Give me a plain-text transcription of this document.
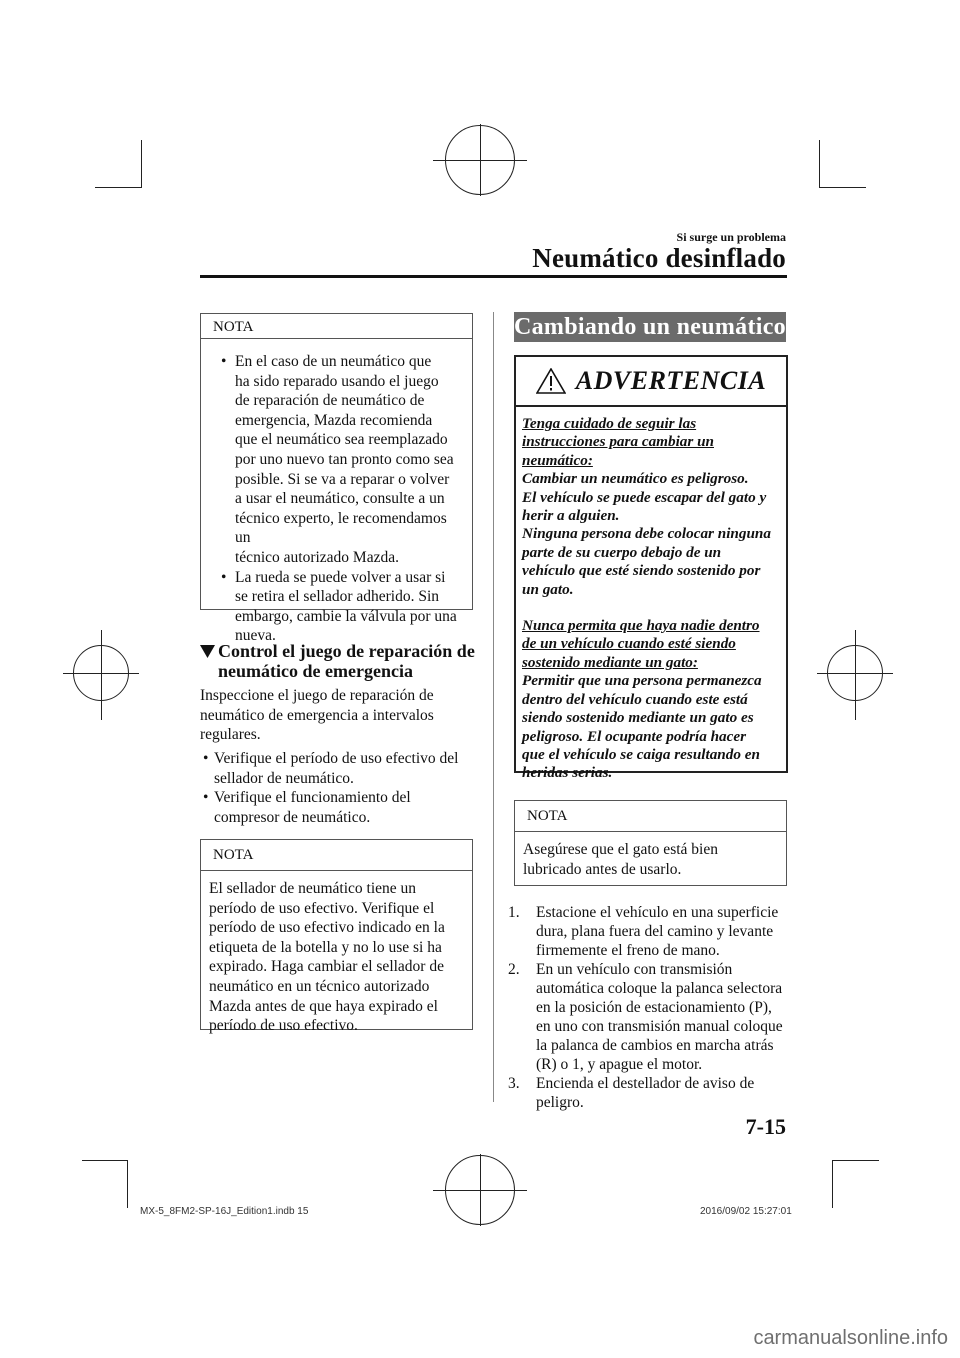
Si surge un problema
Neumático desinflado
NOTA
• En el caso de un neumático que
ha sido reparado usando el juego
de reparación de neumático de
emergencia, Mazda recomienda
que el neumático sea reemplazado
por uno nuevo tan pronto como sea
posible. Si se va a reparar o volver
a usar el neumático, consulte a un
técnico experto, le recomendamos un
técnico autorizado Mazda.
• La rueda se puede volver a usar si
se retira el sellador adherido. Sin
embargo, cambie la válvula por una
nueva.
Control el juego de reparación de
neumático de emergencia
Inspeccione el juego de reparación de
neumático de emergencia a intervalos
regulares.
• Verifique el período de uso efectivo del
sellador de neumático.
• Verifique el funcionamiento del
compresor de neumático.
NOTA
El sellador de neumático tiene un
período de uso efectivo. Verifique el
período de uso efectivo indicado en la
etiqueta de la botella y no lo use si ha
expirado. Haga cambiar el sellador de
neumático en un técnico autorizado
Mazda antes de que haya expirado el
período de uso efectivo.
Cambiando un neumático
ADVERTENCIA
Tenga cuidado de seguir las
instrucciones para cambiar un
neumático:
Cambiar un neumático es peligroso.
El vehículo se puede escapar del gato y
herir a alguien.
Ninguna persona debe colocar ninguna
parte de su cuerpo debajo de un
vehículo que esté siendo sostenido por
un gato.
Nunca permita que haya nadie dentro
de un vehículo cuando esté siendo
sostenido mediante un gato:
Permitir que una persona permanezca
dentro del vehículo cuando este está
siendo sostenido mediante un gato es
peligroso. El ocupante podría hacer
que el vehículo se caiga resultando en
heridas serias.
NOTA
Asegúrese que el gato está bien
lubricado antes de usarlo.
1. Estacione el vehículo en una superficie
dura, plana fuera del camino y levante
firmemente el freno de mano.
2. En un vehículo con transmisión
automática coloque la palanca selectora
en la posición de estacionamiento (P),
en uno con transmisión manual coloque
la palanca de cambios en marcha atrás
(R) o 1, y apague el motor.
3. Encienda el destellador de aviso de
peligro.
7-15
MX-5_8FM2-SP-16J_Edition1.indb 15	2016/09/02 15:27:01
carmanualsonline.info
